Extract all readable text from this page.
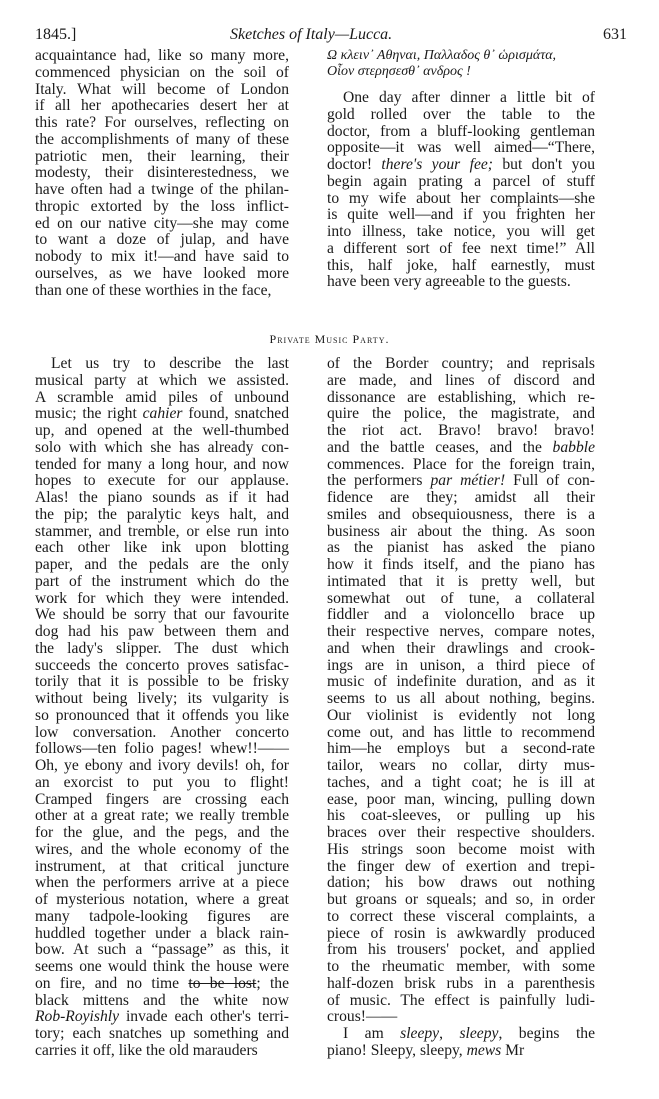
1845.]	Sketches of Italy—Lucca.	631
acquaintance had, like so many more,
commenced physician on the soil of
Italy. What will become of London
if all her apothecaries desert her at
this rate? For ourselves, reflecting on
the accomplishments of many of these
patriotic men, their learning, their
modesty, their disinterestedness, we
have often had a twinge of the philan-
thropic extorted by the loss inflict-
ed on our native city—she may come
to want a doze of julap, and have
nobody to mix it!—and have said to
ourselves, as we have looked more
than one of these worthies in the face,
Ω κλειν᾽ Αθηναι, Παλλαδος θ᾽ ὡρισμάτα,
Οἷον στερησεσθ᾽ ανδρος !
One day after dinner a little bit of
gold rolled over the table to the
doctor, from a bluff-looking gentleman
opposite—it was well aimed—“There,
doctor! there's your fee; but don't you
begin again prating a parcel of stuff
to my wife about her complaints—she
is quite well—and if you frighten her
into illness, take notice, you will get
a different sort of fee next time!” All
this, half joke, half earnestly, must
have been very agreeable to the guests.
Private Music Party.
Let us try to describe the last
musical party at which we assisted.
A scramble amid piles of unbound
music; the right cahier found, snatched
up, and opened at the well-thumbed
solo with which she has already con-
tended for many a long hour, and now
hopes to execute for our applause.
Alas! the piano sounds as if it had
the pip; the paralytic keys halt, and
stammer, and tremble, or else run into
each other like ink upon blotting
paper, and the pedals are the only
part of the instrument which do the
work for which they were intended.
We should be sorry that our favourite
dog had his paw between them and
the lady's slipper. The dust which
succeeds the concerto proves satisfac-
torily that it is possible to be frisky
without being lively; its vulgarity is
so pronounced that it offends you like
low conversation. Another concerto
follows—ten folio pages! whew!!——
Oh, ye ebony and ivory devils! oh, for
an exorcist to put you to flight!
Cramped fingers are crossing each
other at a great rate; we really tremble
for the glue, and the pegs, and the
wires, and the whole economy of the
instrument, at that critical juncture
when the performers arrive at a piece
of mysterious notation, where a great
many tadpole-looking figures are
huddled together under a black rain-
bow. At such a “passage” as this, it
seems one would think the house were
on fire, and no time to be lost; the
black mittens and the white now
Rob-Royishly invade each other's terri-
tory; each snatches up something and
carries it off, like the old marauders
of the Border country; and reprisals
are made, and lines of discord and
dissonance are establishing, which re-
quire the police, the magistrate, and
the riot act. Bravo! bravo! bravo!
and the battle ceases, and the babble
commences. Place for the foreign train,
the performers par métier! Full of con-
fidence are they; amidst all their
smiles and obsequiousness, there is a
business air about the thing. As soon
as the pianist has asked the piano
how it finds itself, and the piano has
intimated that it is pretty well, but
somewhat out of tune, a collateral
fiddler and a violoncello brace up
their respective nerves, compare notes,
and when their drawlings and crook-
ings are in unison, a third piece of
music of indefinite duration, and as it
seems to us all about nothing, begins.
Our violinist is evidently not long
come out, and has little to recommend
him—he employs but a second-rate
tailor, wears no collar, dirty mus-
taches, and a tight coat; he is ill at
ease, poor man, wincing, pulling down
his coat-sleeves, or pulling up his
braces over their respective shoulders.
His strings soon become moist with
the finger dew of exertion and trepi-
dation; his bow draws out nothing
but groans or squeals; and so, in order
to correct these visceral complaints, a
piece of rosin is awkwardly produced
from his trousers' pocket, and applied
to the rheumatic member, with some
half-dozen brisk rubs in a parenthesis
of music. The effect is painfully ludi-
crous!——
I am sleepy, sleepy, begins the
piano! Sleepy, sleepy, mews Mr
